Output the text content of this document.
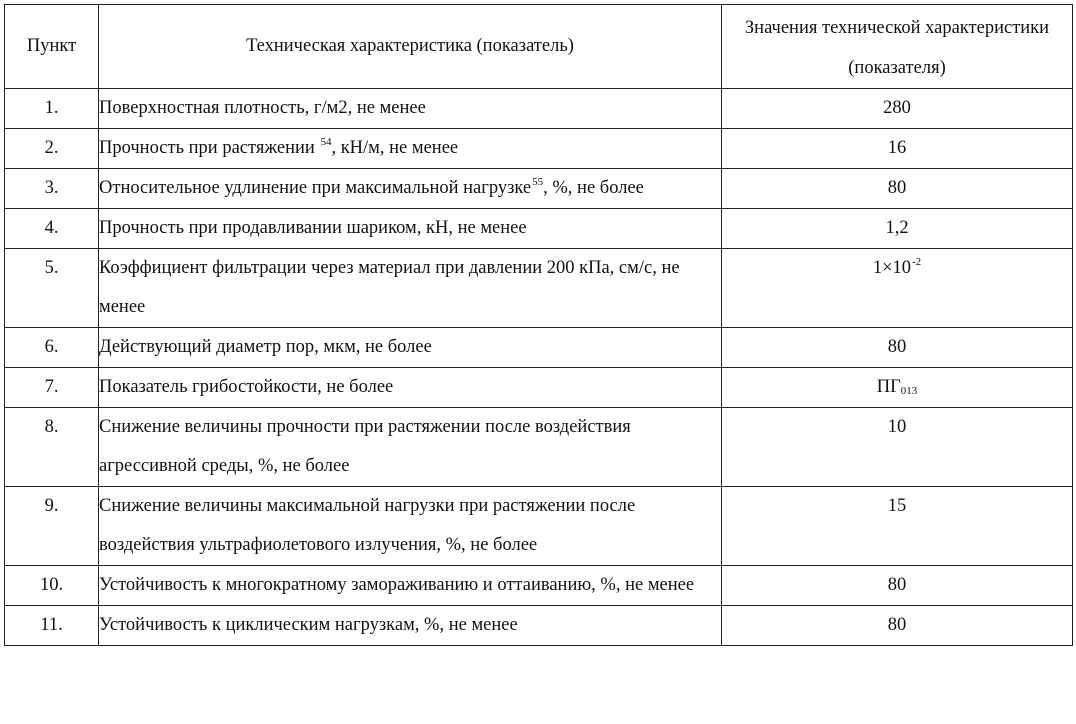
Пункт	Техническая характеристика (показатель)	Значения технической характеристики (показателя)
1.	Поверхностная плотность, г/м2, не менее	280
2.	Прочность при растяжении $^{54}$, кН/м, не менее	16
3.	Относительное удлинение при максимальной нагрузке$^{55}$, %, не более	80
4.	Прочность при продавливании шариком, кН, не менее	1,2
5.	Коэффициент фильтрации через материал при давлении 200 кПа, см/с, не менее	$1\times 10^{-2}$
6.	Действующий диаметр пор, мкм, не более	80
7.	Показатель грибостойкости, не более	$ПГ_{013}$
8.	Снижение величины прочности при растяжении после воздействия агрессивной среды, %, не более	10
9.	Снижение величины максимальной нагрузки при растяжении после воздействия ультрафиолетового излучения, %, не более	15
10.	Устойчивость к многократному замораживанию и оттаиванию, %, не менее	80
11.	Устойчивость к циклическим нагрузкам, %, не менее	80
